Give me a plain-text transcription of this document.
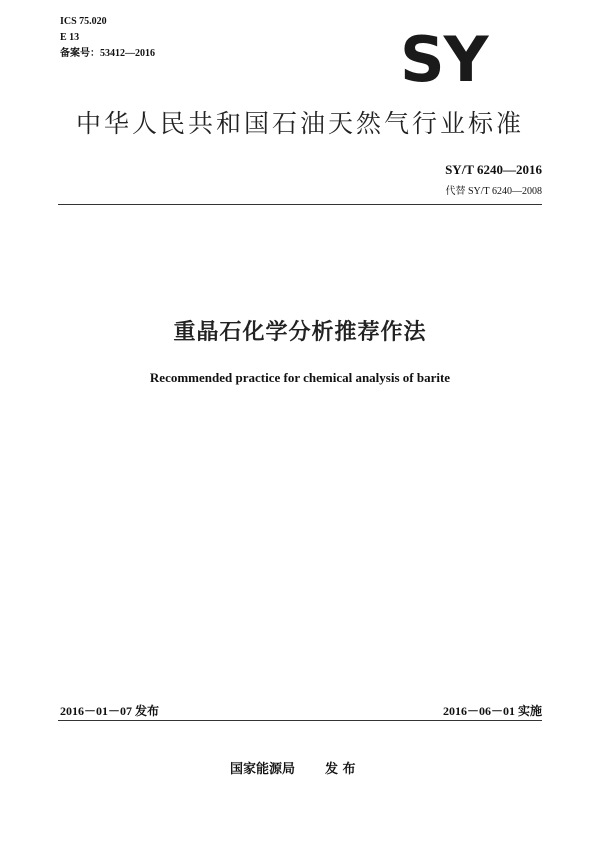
ICS 75.020
E 13
备案号：53412—2016	SY
中华人民共和国石油天然气行业标准
SY/T 6240—2016
代替 SY/T 6240—2008
重晶石化学分析推荐作法
Recommended practice for chemical analysis of barite
2016－01－07 发布	2016－06－01 实施
国家能源局 发 布
